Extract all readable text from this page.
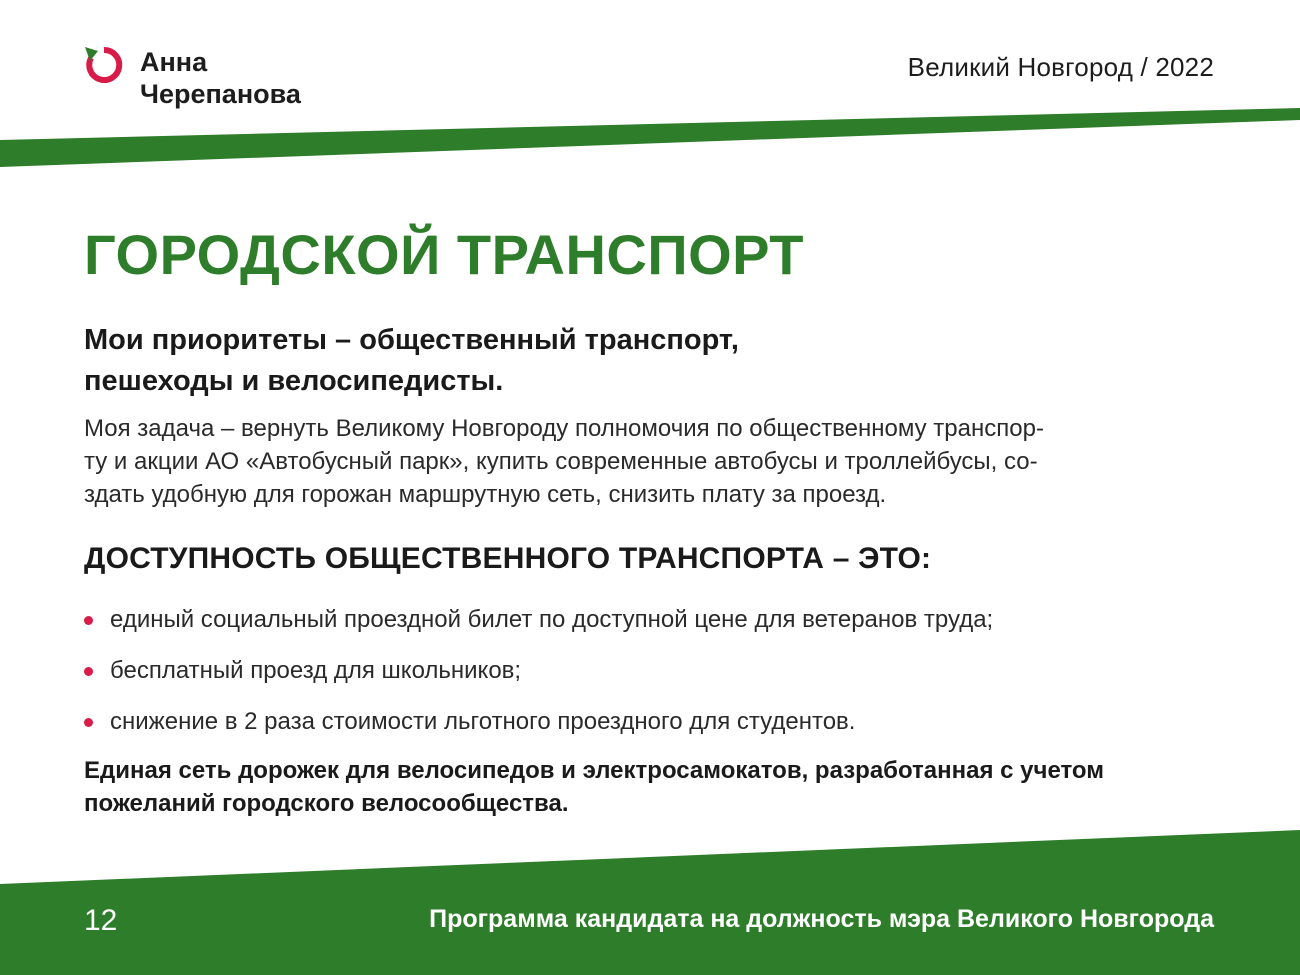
Анна
Черепанова
Великий Новгород / 2022
ГОРОДСКОЙ ТРАНСПОРТ

Мои приоритеты – общественный транспорт,
пешеходы и велосипедисты.

Моя задача – вернуть Великому Новгороду полномочия по общественному транспор-
ту и акции АО «Автобусный парк», купить современные автобусы и троллейбусы, со-
здать удобную для горожан маршрутную сеть, снизить плату за проезд.

ДОСТУПНОСТЬ ОБЩЕСТВЕННОГО ТРАНСПОРТА – ЭТО:
единый социальный проездной билет по доступной цене для ветеранов труда;
бесплатный проезд для школьников;
снижение в 2 раза стоимости льготного проездного для студентов.

Единая сеть дорожек для велосипедов и электросамокатов, разработанная с учетом
пожеланий городского велосообщества.

12	Программа кандидата на должность мэра Великого Новгорода
